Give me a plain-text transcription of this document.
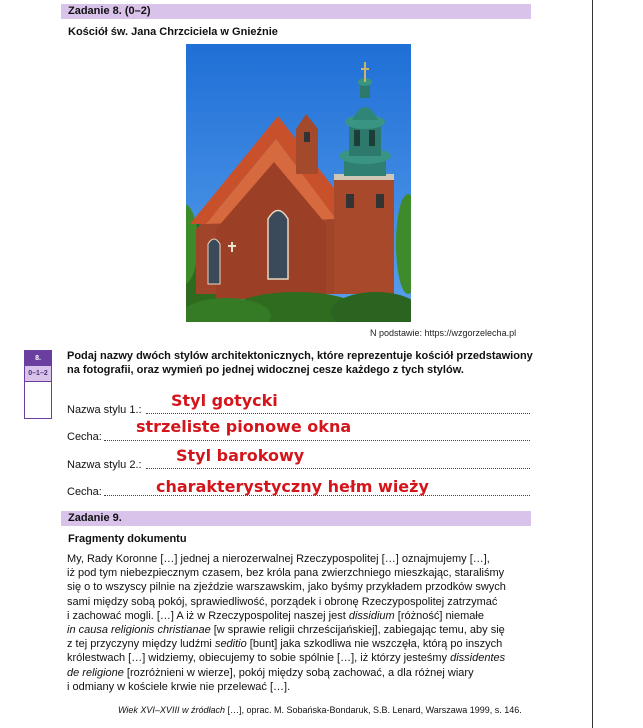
Zadanie 8. (0–2)
Kościół św. Jana Chrzciciela w Gnieźnie
N podstawie: https://wzgorzelecha.pl
8.
0–1–2
Podaj nazwy dwóch stylów architektonicznych, które reprezentuje kościół przedstawiony na fotografii, oraz wymień po jednej widocznej cesze każdego z tych stylów.
Nazwa stylu 1.: Styl gotycki
Cecha:
strzeliste pionowe okna
Nazwa stylu 2.: Styl barokowy
Cecha:	charakterystyczny hełm wieży
Zadanie 9.
Fragmenty dokumentu

My, Rady Koronne […] jednej a nierozerwalnej Rzeczypospolitej […] oznajmujemy […],

iż pod tym niebezpiecznym czasem, bez króla pana zwierzchniego mieszkając, staraliśmy

się o to wszyscy pilnie na zjeździe warszawskim, jako byśmy przykładem przodków swych

sami między sobą pokój, sprawiedliwość, porządek i obronę Rzeczypospolitej zatrzymać

i zachować mogli. […] A iż w Rzeczypospolitej naszej jest dissidium [różność] niemałe

in causa religionis christianae [w sprawie religii chrześcijańskiej], zabiegając temu, aby się

z tej przyczyny między ludźmi seditio [bunt] jaka szkodliwa nie wszczęła, którą po inszych

królestwach […] widziemy, obiecujemy to sobie spólnie […], iż którzy jesteśmy dissidentes

de religione [rozróżnieni w wierze], pokój między sobą zachować, a dla różnej wiary

i odmiany w kościele krwie nie przelewać […].

Wiek XVI–XVIII w źródłach […], oprac. M. Sobańska-Bondaruk, S.B. Lenard, Warszawa 1999, s. 146.
